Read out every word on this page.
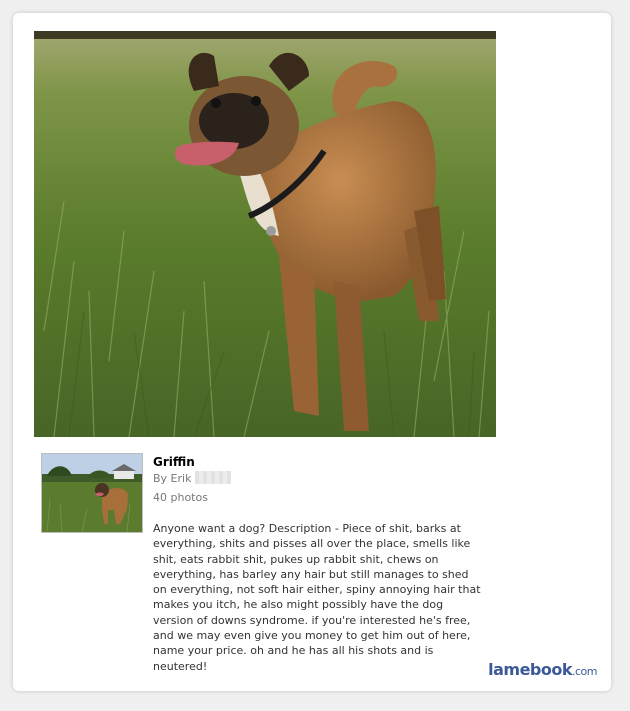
Griffin
By Erik
40 photos
Anyone want a dog? Description - Piece of shit, barks at everything, shits and pisses all over the place, smells like shit, eats rabbit shit, pukes up rabbit shit, chews on everything, has barley any hair but still manages to shed on everything, not soft hair either, spiny annoying hair that makes you itch, he also might possibly have the dog version of downs syndrome. if you're interested he's free, and we may even give you money to get him out of here, name your price. oh and he has all his shots and is neutered!	lamebook.com
